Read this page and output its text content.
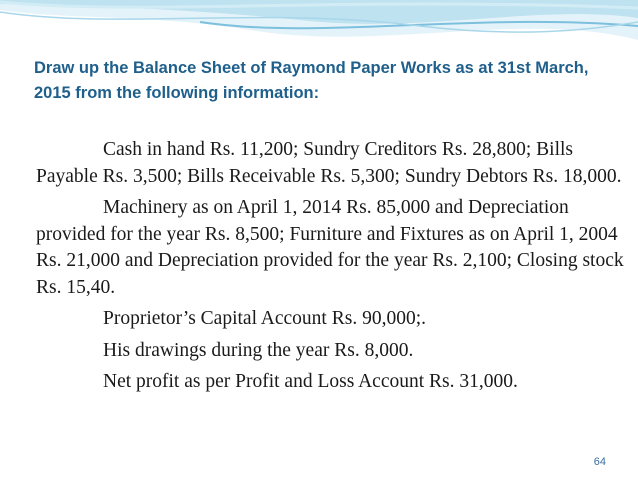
Draw up the Balance Sheet of Raymond Paper Works as at 31st March, 2015 from the following information:

Cash in hand Rs. 11,200; Sundry Creditors Rs. 28,800; Bills Payable Rs. 3,500; Bills Receivable Rs. 5,300; Sundry Debtors Rs. 18,000.

Machinery as on April 1, 2014 Rs. 85,000 and Depreciation provided for the year Rs. 8,500; Furniture and Fixtures as on April 1, 2004 Rs. 21,000 and Depreciation provided for the year Rs. 2,100; Closing stock Rs. 15,40.

Proprietor’s Capital Account Rs. 90,000;.

His drawings during the year Rs. 8,000.

Net profit as per Profit and Loss Account Rs. 31,000.

64
